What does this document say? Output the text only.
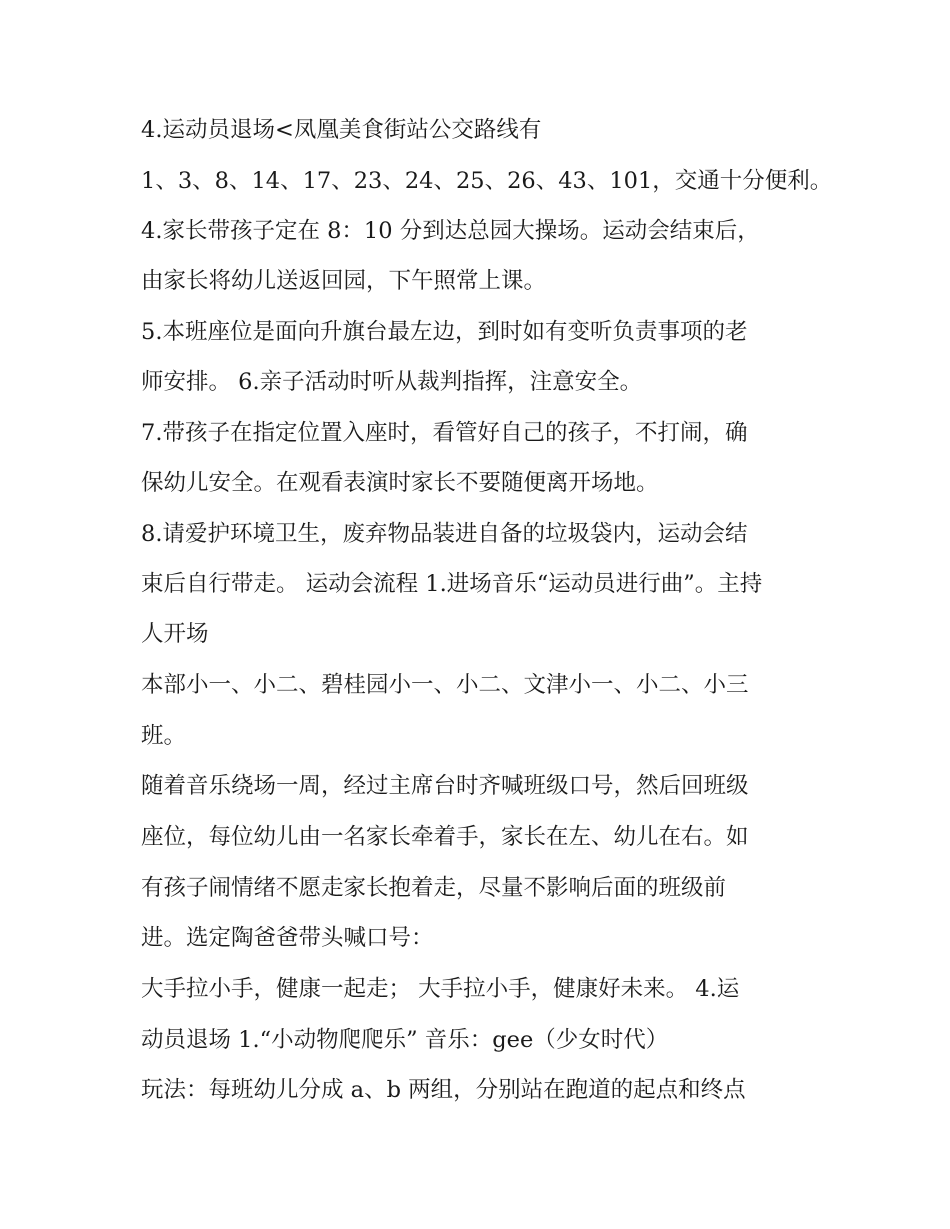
4.运动员退场<凤凰美食街站公交路线有
1、3、8、14、17、23、24、25、26、43、101，交通十分便利。
4.家长带孩子定在 8：10 分到达总园大操场。运动会结束后，
由家长将幼儿送返回园，下午照常上课。
5.本班座位是面向升旗台最左边，到时如有变听负责事项的老
师安排。 6.亲子活动时听从裁判指挥，注意安全。
7.带孩子在指定位置入座时，看管好自己的孩子，不打闹，确
保幼儿安全。在观看表演时家长不要随便离开场地。
8.请爱护环境卫生，废弃物品装进自备的垃圾袋内，运动会结
束后自行带走。 运动会流程 1.进场音乐“运动员进行曲”。主持
人开场
本部小一、小二、碧桂园小一、小二、文津小一、小二、小三
班。
随着音乐绕场一周，经过主席台时齐喊班级口号，然后回班级
座位，每位幼儿由一名家长牵着手，家长在左、幼儿在右。如
有孩子闹情绪不愿走家长抱着走，尽量不影响后面的班级前
进。选定陶爸爸带头喊口号：
大手拉小手，健康一起走； 大手拉小手，健康好未来。 4.运
动员退场 1.“小动物爬爬乐” 音乐：gee（少女时代）
玩法：每班幼儿分成 a、b 两组，分别站在跑道的起点和终点
